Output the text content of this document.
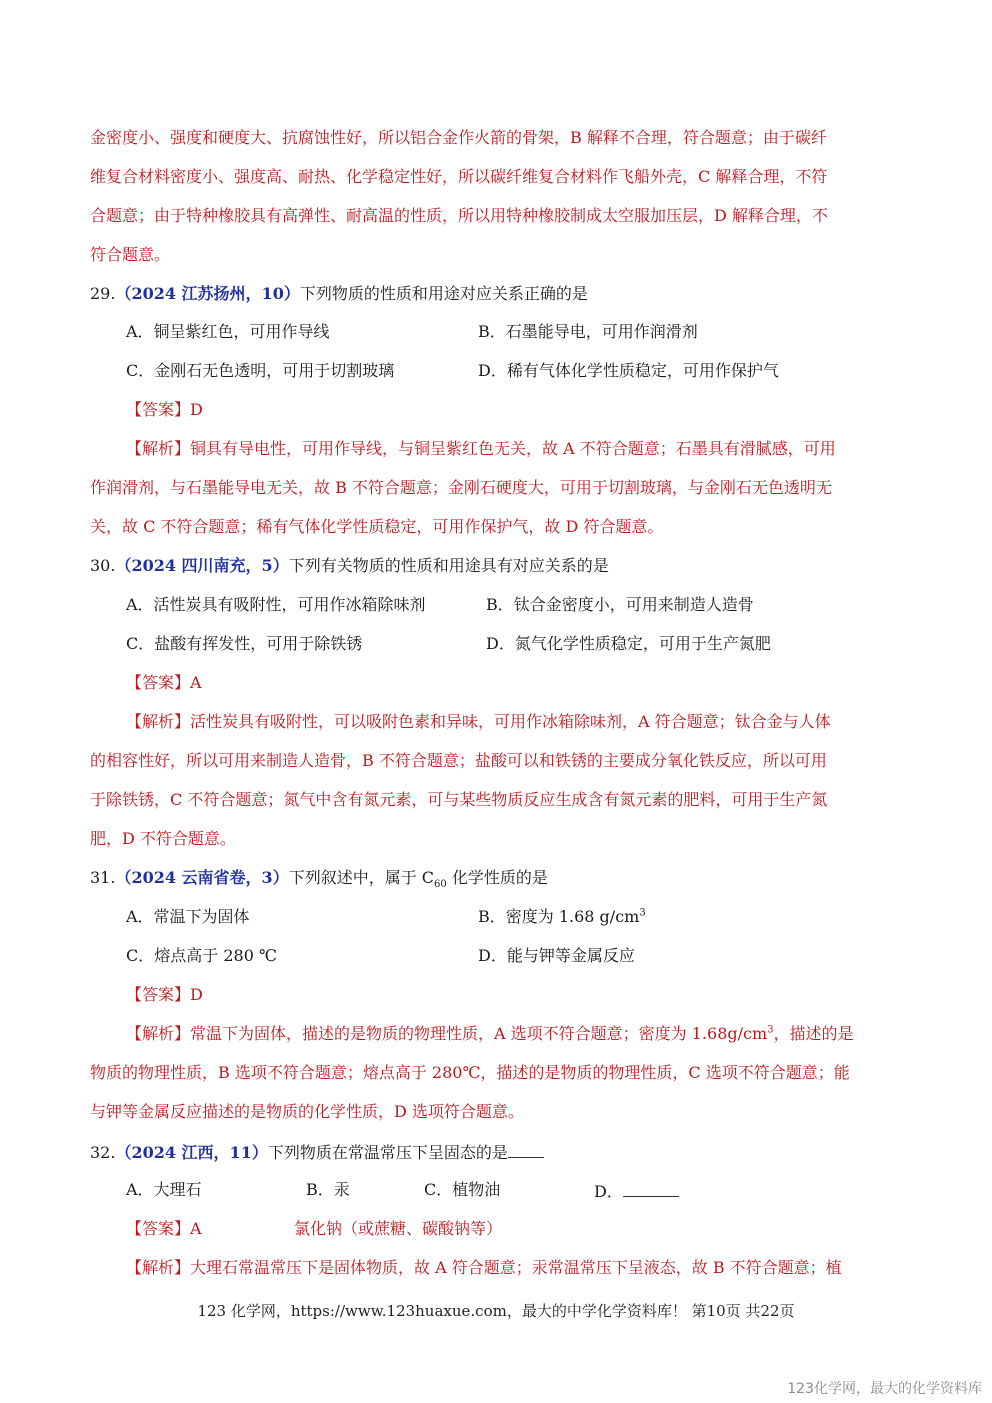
金密度小、强度和硬度大、抗腐蚀性好，所以铝合金作火箭的骨架，B 解释不合理，符合题意；由于碳纤
维复合材料密度小、强度高、耐热、化学稳定性好，所以碳纤维复合材料作飞船外壳，C 解释合理，不符
合题意；由于特种橡胶具有高弹性、耐高温的性质，所以用特种橡胶制成太空服加压层，D 解释合理，不
符合题意。
29.（2024 江苏扬州，10）下列物质的性质和用途对应关系正确的是
A．铜呈紫红色，可用作导线	B．石墨能导电，可用作润滑剂
C．金刚石无色透明，可用于切割玻璃	D．稀有气体化学性质稳定，可用作保护气
【答案】D
【解析】铜具有导电性，可用作导线，与铜呈紫红色无关，故 A 不符合题意；石墨具有滑腻感，可用
作润滑剂，与石墨能导电无关，故 B 不符合题意；金刚石硬度大，可用于切割玻璃，与金刚石无色透明无
关，故 C 不符合题意；稀有气体化学性质稳定，可用作保护气，故 D 符合题意。
30.（2024 四川南充，5）下列有关物质的性质和用途具有对应关系的是
A．活性炭具有吸附性，可用作冰箱除味剂	B．钛合金密度小，可用来制造人造骨
C．盐酸有挥发性，可用于除铁锈	D．氮气化学性质稳定，可用于生产氮肥
【答案】A
【解析】活性炭具有吸附性，可以吸附色素和异味，可用作冰箱除味剂，A 符合题意；钛合金与人体
的相容性好，所以可用来制造人造骨，B 不符合题意；盐酸可以和铁锈的主要成分氧化铁反应，所以可用
于除铁锈，C 不符合题意；氮气中含有氮元素，可与某些物质反应生成含有氮元素的肥料，可用于生产氮
肥，D 不符合题意。
31.（2024 云南省卷，3）下列叙述中，属于 $C_{60}$ 化学性质的是
A．常温下为固体	B．密度为 1.68 $g/cm^3$
C．熔点高于 280 ℃	D．能与钾等金属反应
【答案】D
【解析】常温下为固体，描述的是物质的物理性质，A 选项不符合题意；密度为 $1.68g/cm^3$，描述的是
物质的物理性质，B 选项不符合题意；熔点高于 280℃，描述的是物质的物理性质，C 选项不符合题意；能
与钾等金属反应描述的是物质的化学性质，D 选项符合题意。
32.（2024 江西，11）下列物质在常温常压下呈固态的是
A．大理石	B．汞	C．植物油	D．
【答案】A	氯化钠（或蔗糖、碳酸钠等）
【解析】大理石常温常压下是固体物质，故 A 符合题意；汞常温常压下呈液态，故 B 不符合题意；植
123 化学网，https://www.123huaxue.com，最大的中学化学资料库！ 第10页 共22页
123化学网，最大的化学资料库
